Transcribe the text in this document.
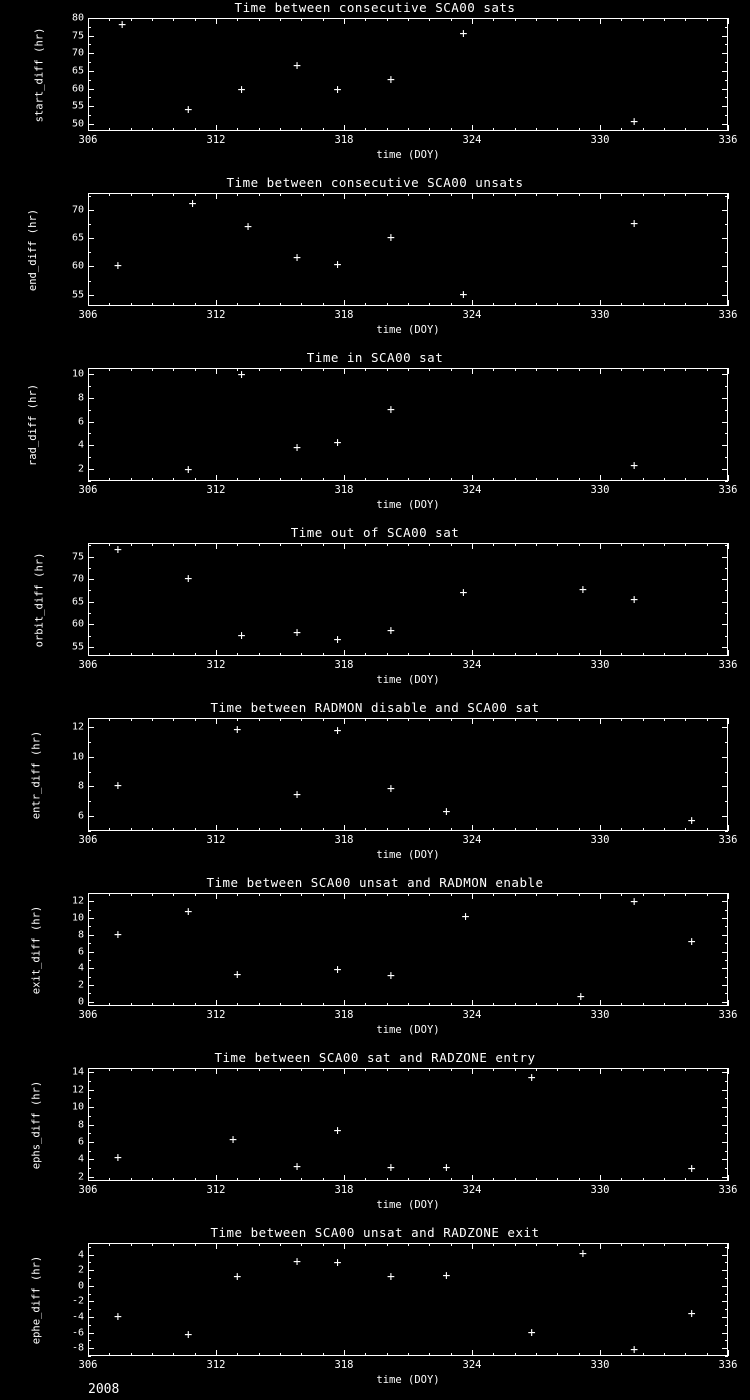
Time between consecutive SCA00 sats
50
55
60
65
70
75
80
306	312	318	324	330	336
time (DOY)
start_diff (hr)
+
+
+
+
+
+
+
+
Time between consecutive SCA00 unsats
55
60
65
70
306	312	318	324	330	336
time (DOY)
end_diff (hr)
+
+
+
+
+
+
+
+
Time in SCA00 sat
2
4
6
8
10
306	312	318	324	330	336
time (DOY)
rad_diff (hr)
+
+
+
+
+
+
Time out of SCA00 sat
55
60
65
70
75
306	312	318	324	330	336
time (DOY)
orbit_diff (hr)
+
+
+
+
+
+
+
+
+
Time between RADMON disable and SCA00 sat
6
8
10
12
306	312	318	324	330	336
time (DOY)
entr_diff (hr)
+
+
+
+
+
+
+
Time between SCA00 unsat and RADMON enable
0
2
4
6
8
10
12
306	312	318	324	330	336
time (DOY)
exit_diff (hr)
+
+
+
+
+
+
+
+
+
Time between SCA00 sat and RADZONE entry
2
4
6
8
10
12
14
306	312	318	324	330	336
time (DOY)
ephs_diff (hr)
+
+
+
+
+
+
+
+
Time between SCA00 unsat and RADZONE exit
-8
-6
-4
-2
0
2
4
306	312	318	324	330	336
time (DOY)
ephe_diff (hr)
+
+
+
+
+
+
+
+
+
+
+
2008
